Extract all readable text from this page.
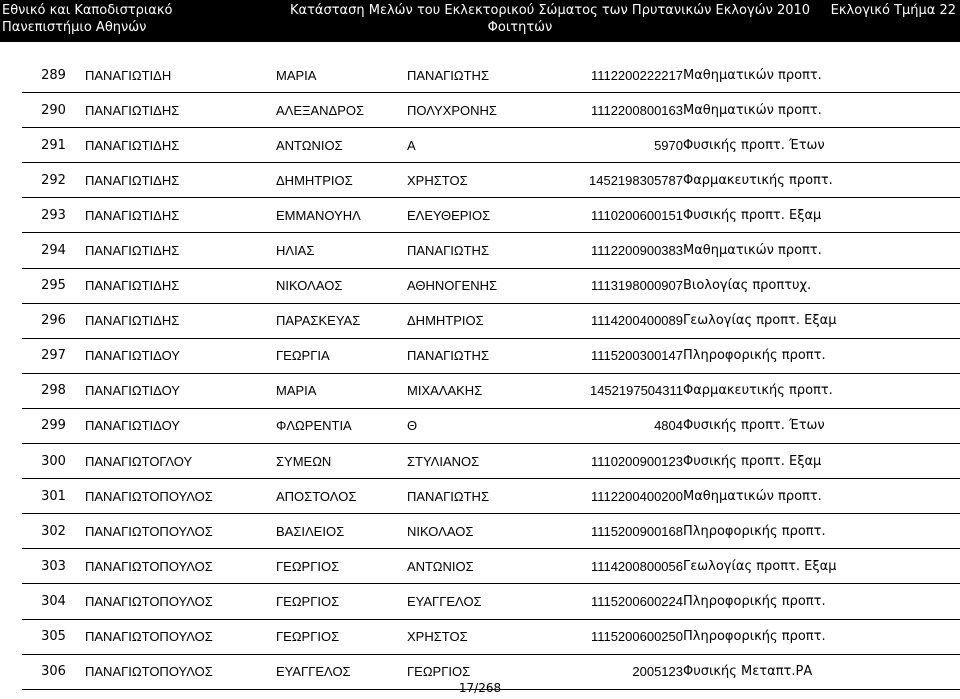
Εθνικό και Καποδιστριακό
Πανεπιστήμιο Αθηνών
Κατάσταση Μελών του Εκλεκτορικού Σώματος των Πρυτανικών Εκλογών 2010
Φοιτητών
Εκλογικό Τμήμα 22
289	ΠΑΝΑΓΙΩΤΙΔΗ	ΜΑΡΙΑ	ΠΑΝΑΓΙΩΤΗΣ	1112200222217	Μαθηματικών προπτ.

290	ΠΑΝΑΓΙΩΤΙΔΗΣ	ΑΛΕΞΑΝΔΡΟΣ	ΠΟΛΥΧΡΟΝΗΣ	1112200800163	Μαθηματικών προπτ.

291	ΠΑΝΑΓΙΩΤΙΔΗΣ	ΑΝΤΩΝΙΟΣ	Α	5970	Φυσικής προπτ. Έτων

292	ΠΑΝΑΓΙΩΤΙΔΗΣ	ΔΗΜΗΤΡΙΟΣ	ΧΡΗΣΤΟΣ	1452198305787	Φαρμακευτικής προπτ.

293	ΠΑΝΑΓΙΩΤΙΔΗΣ	ΕΜΜΑΝΟΥΗΛ	ΕΛΕΥΘΕΡΙΟΣ	1110200600151	Φυσικής προπτ. Εξαμ

294	ΠΑΝΑΓΙΩΤΙΔΗΣ	ΗΛΙΑΣ	ΠΑΝΑΓΙΩΤΗΣ	1112200900383	Μαθηματικών προπτ.

295	ΠΑΝΑΓΙΩΤΙΔΗΣ	ΝΙΚΟΛΑΟΣ	ΑΘΗΝΟΓΕΝΗΣ	1113198000907	Βιολογίας προπτυχ.

296	ΠΑΝΑΓΙΩΤΙΔΗΣ	ΠΑΡΑΣΚΕΥΑΣ	ΔΗΜΗΤΡΙΟΣ	1114200400089	Γεωλογίας προπτ. Εξαμ

297	ΠΑΝΑΓΙΩΤΙΔΟΥ	ΓΕΩΡΓΙΑ	ΠΑΝΑΓΙΩΤΗΣ	1115200300147	Πληροφορικής προπτ.

298	ΠΑΝΑΓΙΩΤΙΔΟΥ	ΜΑΡΙΑ	ΜΙΧΑΛΑΚΗΣ	1452197504311	Φαρμακευτικής προπτ.

299	ΠΑΝΑΓΙΩΤΙΔΟΥ	ΦΛΩΡΕΝΤΙΑ	Θ	4804	Φυσικής προπτ. Έτων

300	ΠΑΝΑΓΙΩΤΟΓΛΟΥ	ΣΥΜΕΩΝ	ΣΤΥΛΙΑΝΟΣ	1110200900123	Φυσικής προπτ. Εξαμ

301	ΠΑΝΑΓΙΩΤΟΠΟΥΛΟΣ	ΑΠΟΣΤΟΛΟΣ	ΠΑΝΑΓΙΩΤΗΣ	1112200400200	Μαθηματικών προπτ.

302	ΠΑΝΑΓΙΩΤΟΠΟΥΛΟΣ	ΒΑΣΙΛΕΙΟΣ	ΝΙΚΟΛΑΟΣ	1115200900168	Πληροφορικής προπτ.

303	ΠΑΝΑΓΙΩΤΟΠΟΥΛΟΣ	ΓΕΩΡΓΙΟΣ	ΑΝΤΩΝΙΟΣ	1114200800056	Γεωλογίας προπτ. Εξαμ

304	ΠΑΝΑΓΙΩΤΟΠΟΥΛΟΣ	ΓΕΩΡΓΙΟΣ	ΕΥΑΓΓΕΛΟΣ	1115200600224	Πληροφορικής προπτ.

305	ΠΑΝΑΓΙΩΤΟΠΟΥΛΟΣ	ΓΕΩΡΓΙΟΣ	ΧΡΗΣΤΟΣ	1115200600250	Πληροφορικής προπτ.

306	ΠΑΝΑΓΙΩΤΟΠΟΥΛΟΣ	ΕΥΑΓΓΕΛΟΣ	ΓΕΩΡΓΙΟΣ	2005123	Φυσικής Μεταπτ.ΡΑ
17/268
